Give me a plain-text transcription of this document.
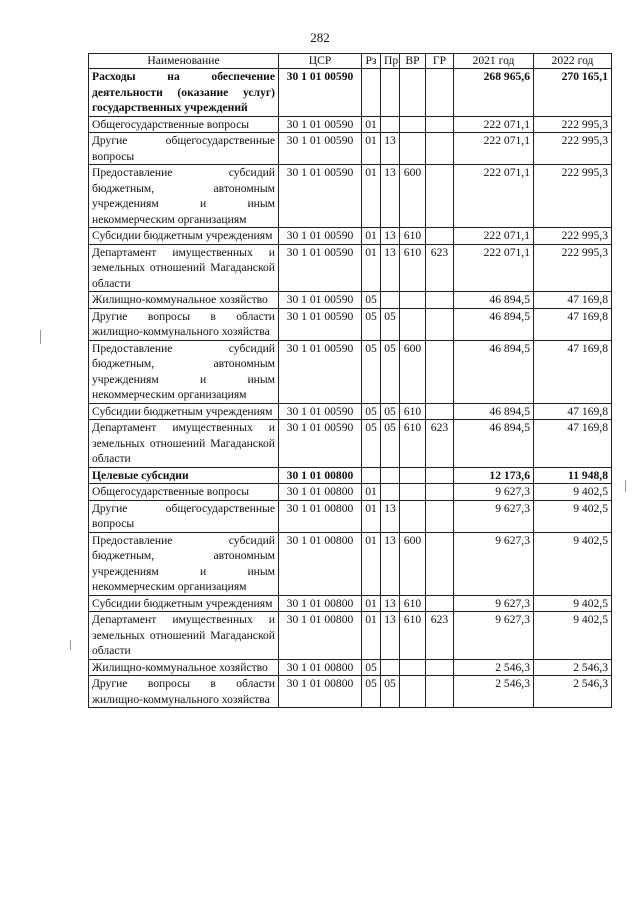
282
Наименование	ЦСР	Рз	Пр	ВР	ГР	2021 год	2022 год
Расходы на обеспечение деятельности (оказание услуг) государственных учреждений	30 1 01 00590					268 965,6	270 165,1
Общегосударственные вопросы	30 1 01 00590	01				222 071,1	222 995,3
Другие общегосударственные вопросы	30 1 01 00590	01	13			222 071,1	222 995,3
Предоставление субсидий бюджетным, автономным учреждениям и иным некоммерческим организациям	30 1 01 00590	01	13	600		222 071,1	222 995,3
Субсидии бюджетным учреждениям	30 1 01 00590	01	13	610		222 071,1	222 995,3
Департамент имущественных и земельных отношений Магаданской области	30 1 01 00590	01	13	610	623	222 071,1	222 995,3
Жилищно-коммунальное хозяйство	30 1 01 00590	05				46 894,5	47 169,8
Другие вопросы в области жилищно-коммунального хозяйства	30 1 01 00590	05	05			46 894,5	47 169,8
Предоставление субсидий бюджетным, автономным учреждениям и иным некоммерческим организациям	30 1 01 00590	05	05	600		46 894,5	47 169,8
Субсидии бюджетным учреждениям	30 1 01 00590	05	05	610		46 894,5	47 169,8
Департамент имущественных и земельных отношений Магаданской области	30 1 01 00590	05	05	610	623	46 894,5	47 169,8
Целевые субсидии	30 1 01 00800					12 173,6	11 948,8
Общегосударственные вопросы	30 1 01 00800	01				9 627,3	9 402,5
Другие общегосударственные вопросы	30 1 01 00800	01	13			9 627,3	9 402,5
Предоставление субсидий бюджетным, автономным учреждениям и иным некоммерческим организациям	30 1 01 00800	01	13	600		9 627,3	9 402,5
Субсидии бюджетным учреждениям	30 1 01 00800	01	13	610		9 627,3	9 402,5
Департамент имущественных и земельных отношений Магаданской области	30 1 01 00800	01	13	610	623	9 627,3	9 402,5
Жилищно-коммунальное хозяйство	30 1 01 00800	05				2 546,3	2 546,3
Другие вопросы в области жилищно-коммунального хозяйства	30 1 01 00800	05	05			2 546,3	2 546,3
